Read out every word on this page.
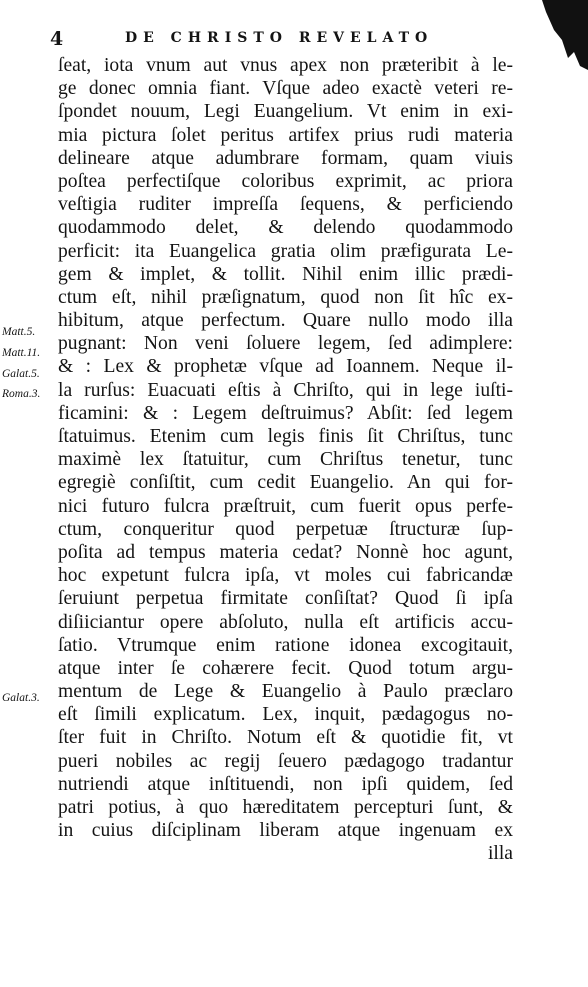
4	DE CHRISTO REVELATO
Matt.5.
Matt.11.
Galat.5.
Roma.3.
Galat.3.
ſeat, iota vnum aut vnus apex non præteribit à le-
ge donec omnia fiant. Vſque adeo exactè veteri re-
ſpondet nouum, Legi Euangelium. Vt enim in exi-
mia pictura ſolet peritus artifex prius rudi materia
delineare atque adumbrare formam, quam viuis
poſtea perfectiſque coloribus exprimit, ac priora
veſtigia ruditer impreſſa ſequens, & perficiendo
quodammodo delet, & delendo quodammodo
perficit: ita Euangelica gratia olim præfigurata Le-
gem & implet, & tollit. Nihil enim illic prædi-
ctum eſt, nihil præſignatum, quod non ſit hîc ex-
hibitum, atque perfectum. Quare nullo modo illa
pugnant: Non veni ſoluere legem, ſed adimplere:
& : Lex & prophetæ vſque ad Ioannem. Neque il-
la rurſus: Euacuati eſtis à Chriſto, qui in lege iuſti-
ficamini: & : Legem deſtruimus? Abſit: ſed legem
ſtatuimus. Etenim cum legis finis ſit Chriſtus, tunc
maximè lex ſtatuitur, cum Chriſtus tenetur, tunc
egregiè conſiſtit, cum cedit Euangelio. An qui for-
nici futuro fulcra præſtruit, cum fuerit opus perfe-
ctum, conqueritur quod perpetuæ ſtructuræ ſup-
poſita ad tempus materia cedat? Nonnè hoc agunt,
hoc expetunt fulcra ipſa, vt moles cui fabricandæ
ſeruiunt perpetua firmitate conſiſtat? Quod ſi ipſa
diſiiciantur opere abſoluto, nulla eſt artificis accu-
ſatio. Vtrumque enim ratione idonea excogitauit,
atque inter ſe cohærere fecit. Quod totum argu-
mentum de Lege & Euangelio à Paulo præclaro
eſt ſimili explicatum. Lex, inquit, pædagogus no-
ſter fuit in Chriſto. Notum eſt & quotidie fit, vt
pueri nobiles ac regij ſeuero pædagogo tradantur
nutriendi atque inſtituendi, non ipſi quidem, ſed
patri potius, à quo hæreditatem percepturi ſunt, &
in cuius diſciplinam liberam atque ingenuam ex
illa
